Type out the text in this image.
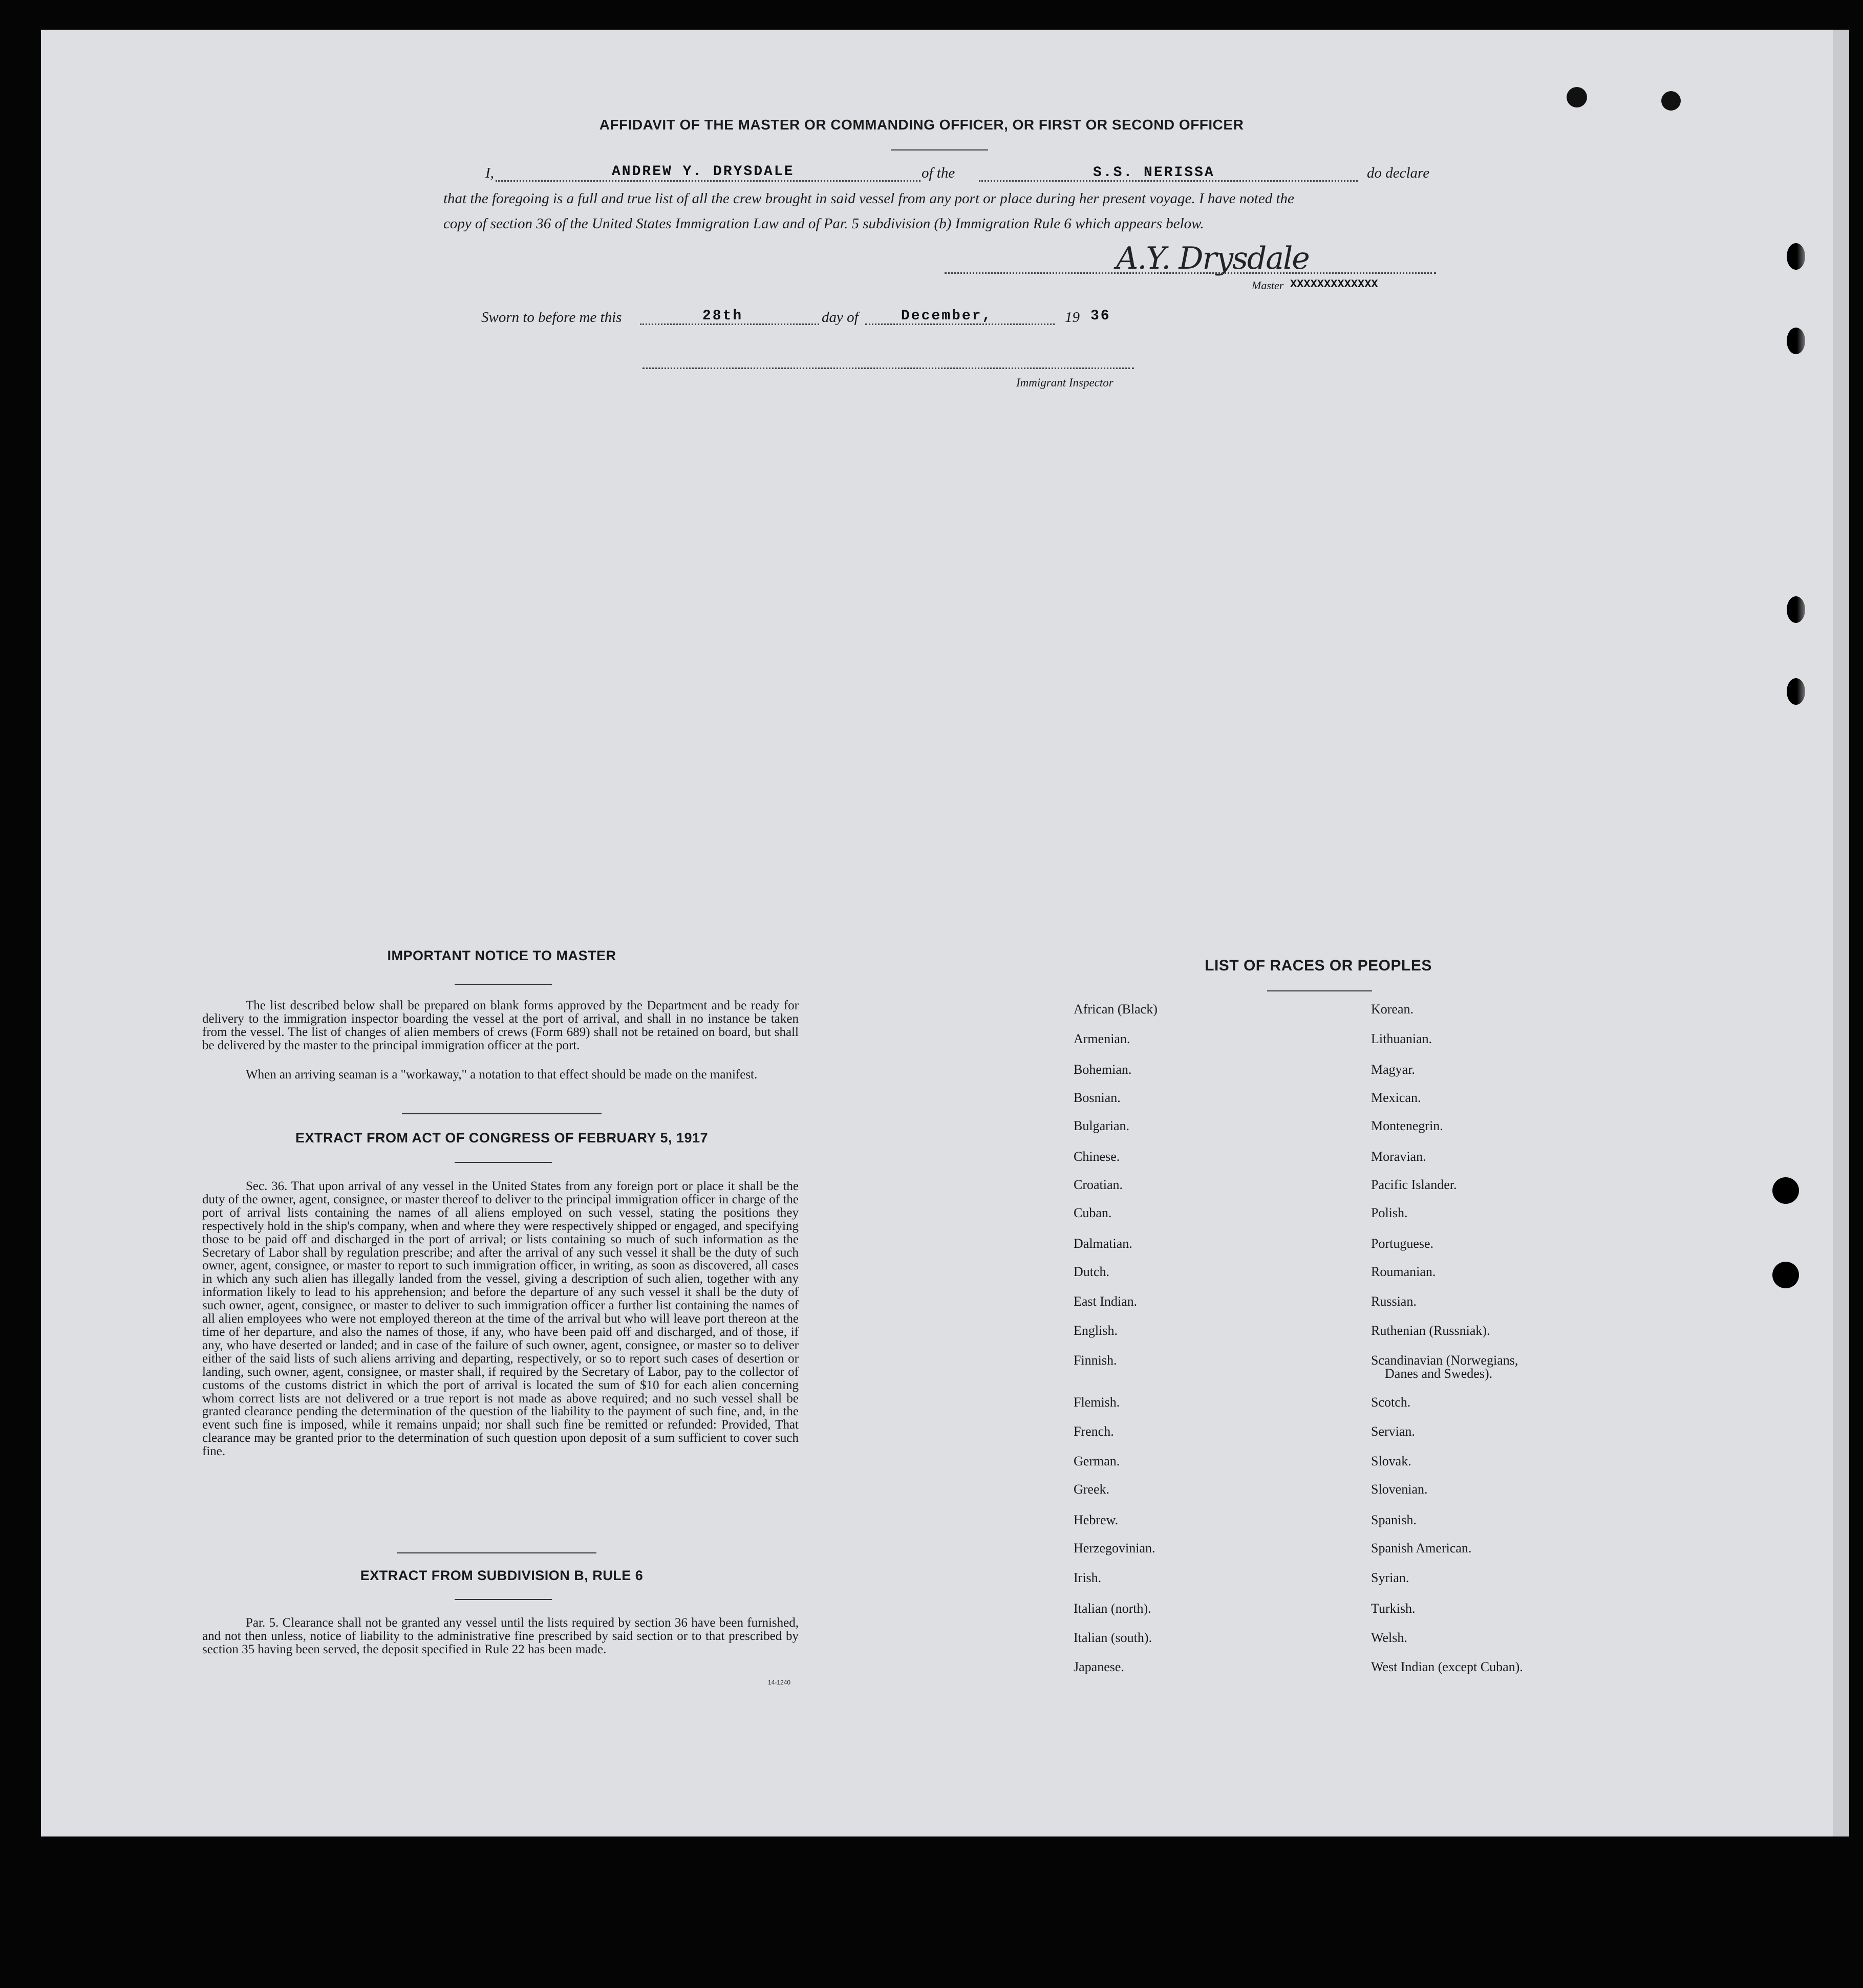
AFFIDAVIT OF THE MASTER OR COMMANDING OFFICER, OR FIRST OR SECOND OFFICER
I,	ANDREW Y. DRYSDALE	of the	S.S. NERISSA	do declare
that the foregoing is a full and true list of all the crew brought in said vessel from any port or place during her present voyage. I have noted the
copy of section 36 of the United States Immigration Law and of Par. 5 subdivision (b) Immigration Rule 6 which appears below.
A.Y. Drysdale
Master XXXXXXXXXXXXX
Sworn to before me this	28th	day of	December,	19 36
Immigrant Inspector
IMPORTANT NOTICE TO MASTER
The list described below shall be prepared on blank forms approved by the Department and be ready for delivery to the immigration inspector boarding the vessel at the port of arrival, and shall in no instance be taken from the vessel. The list of changes of alien members of crews (Form 689) shall not be retained on board, but shall be delivered by the master to the principal immigration officer at the port.
When an arriving seaman is a "workaway," a notation to that effect should be made on the manifest.
EXTRACT FROM ACT OF CONGRESS OF FEBRUARY 5, 1917
Sec. 36. That upon arrival of any vessel in the United States from any foreign port or place it shall be the duty of the owner, agent, consignee, or master thereof to deliver to the principal immigration officer in charge of the port of arrival lists containing the names of all aliens employed on such vessel, stating the positions they respectively hold in the ship's company, when and where they were respectively shipped or engaged, and specifying those to be paid off and discharged in the port of arrival; or lists containing so much of such information as the Secretary of Labor shall by regulation prescribe; and after the arrival of any such vessel it shall be the duty of such owner, agent, consignee, or master to report to such immigration officer, in writing, as soon as discovered, all cases in which any such alien has illegally landed from the vessel, giving a description of such alien, together with any information likely to lead to his apprehension; and before the departure of any such vessel it shall be the duty of such owner, agent, consignee, or master to deliver to such immigration officer a further list containing the names of all alien employees who were not employed thereon at the time of the arrival but who will leave port thereon at the time of her departure, and also the names of those, if any, who have been paid off and discharged, and of those, if any, who have deserted or landed; and in case of the failure of such owner, agent, consignee, or master so to deliver either of the said lists of such aliens arriving and departing, respectively, or so to report such cases of desertion or landing, such owner, agent, consignee, or master shall, if required by the Secretary of Labor, pay to the collector of customs of the customs district in which the port of arrival is located the sum of $10 for each alien concerning whom correct lists are not delivered or a true report is not made as above required; and no such vessel shall be granted clearance pending the determination of the question of the liability to the payment of such fine, and, in the event such fine is imposed, while it remains unpaid; nor shall such fine be remitted or refunded: Provided, That clearance may be granted prior to the determination of such question upon deposit of a sum sufficient to cover such fine.
EXTRACT FROM SUBDIVISION B, RULE 6
Par. 5. Clearance shall not be granted any vessel until the lists required by section 36 have been furnished, and not then unless, notice of liability to the administrative fine prescribed by said section or to that prescribed by section 35 having been served, the deposit specified in Rule 22 has been made.
14-1240
LIST OF RACES OR PEOPLES
African (Black)
Armenian.
Bohemian.
Bosnian.
Bulgarian.
Chinese.
Croatian.
Cuban.
Dalmatian.
Dutch.
East Indian.
English.
Finnish.
Flemish.
French.
German.
Greek.
Hebrew.
Herzegovinian.
Irish.
Italian (north).
Italian (south).
Japanese.
Korean.
Lithuanian.
Magyar.
Mexican.
Montenegrin.
Moravian.
Pacific Islander.
Polish.
Portuguese.
Roumanian.
Russian.
Ruthenian (Russniak).
Scandinavian (Norwegians,
Scotch.
Servian.
Slovak.
Slovenian.
Spanish.
Spanish American.
Syrian.
Turkish.
Welsh.
West Indian (except Cuban).
Danes and Swedes).
